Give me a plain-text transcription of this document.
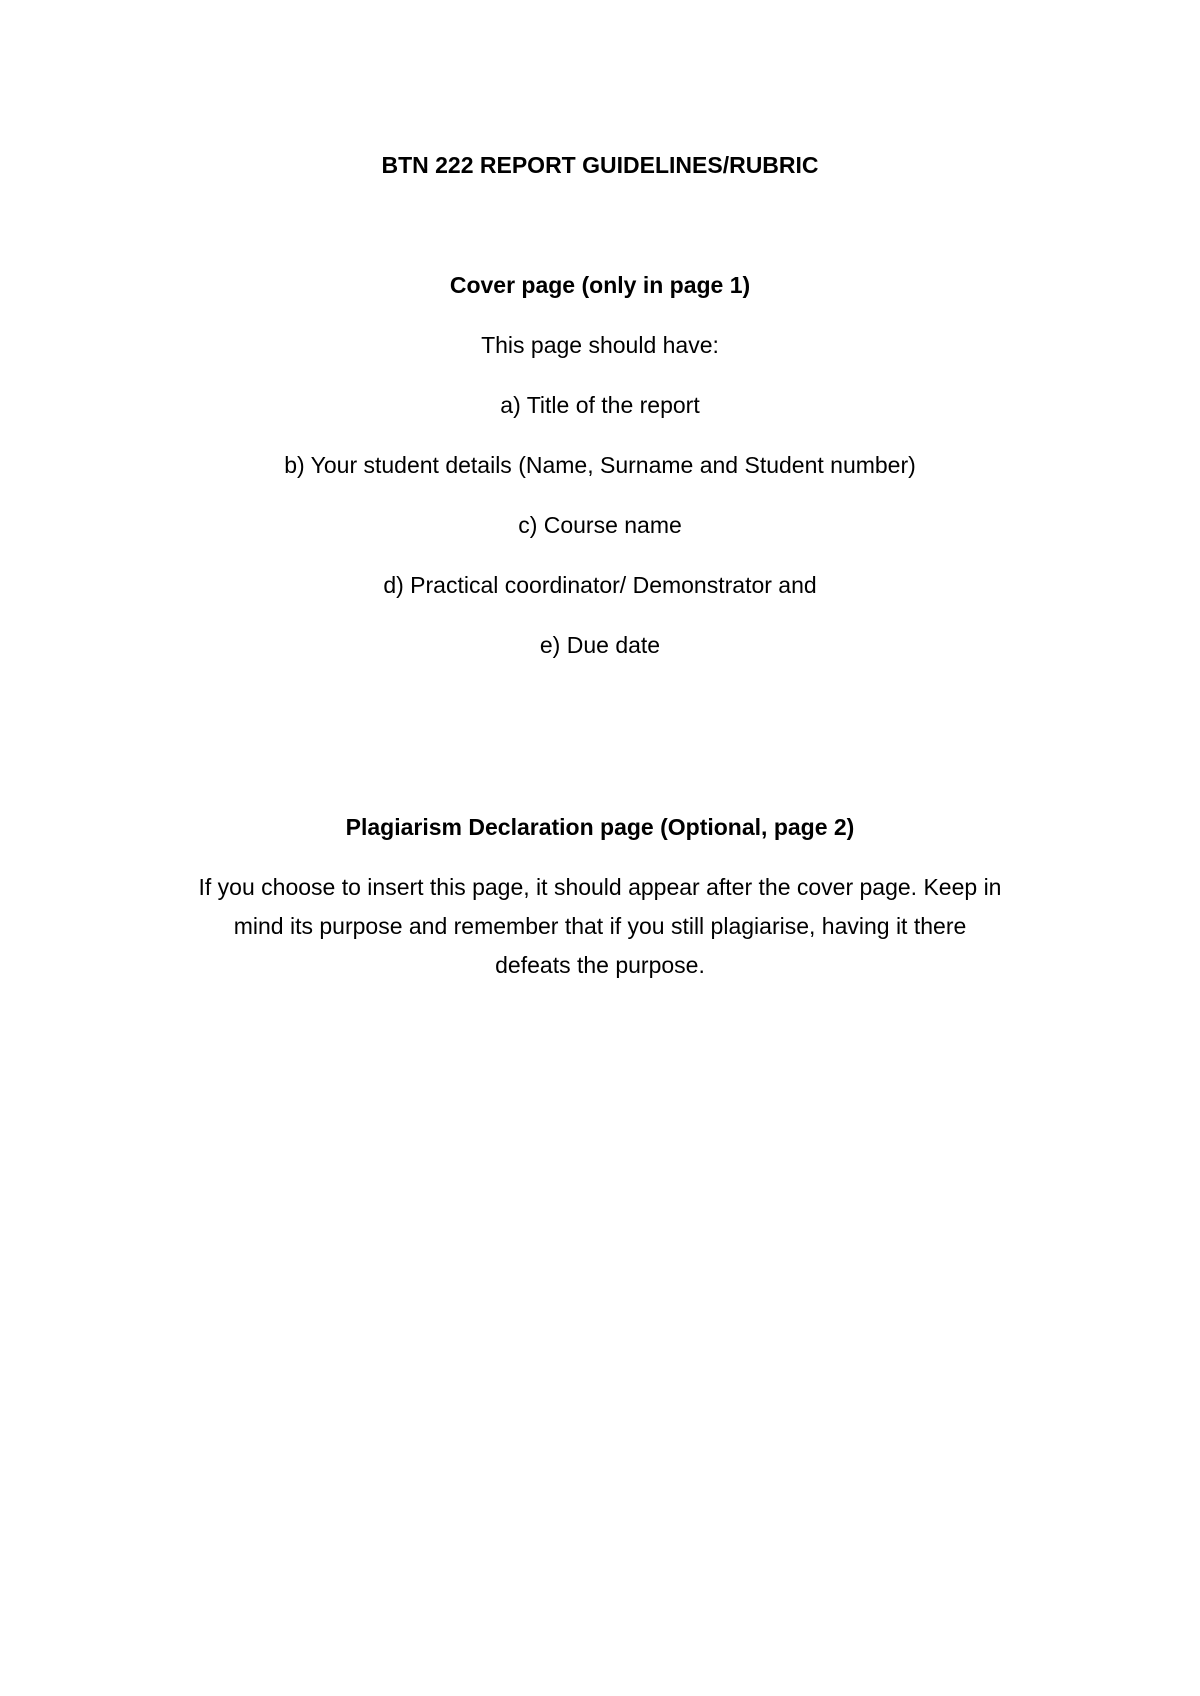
BTN 222 REPORT GUIDELINES/RUBRIC
Cover page (only in page 1)
This page should have:
a) Title of the report
b) Your student details (Name, Surname and Student number)
c) Course name
d) Practical coordinator/ Demonstrator and
e) Due date
Plagiarism Declaration page (Optional, page 2)
If you choose to insert this page, it should appear after the cover page. Keep in
mind its purpose and remember that if you still plagiarise, having it there
defeats the purpose.
